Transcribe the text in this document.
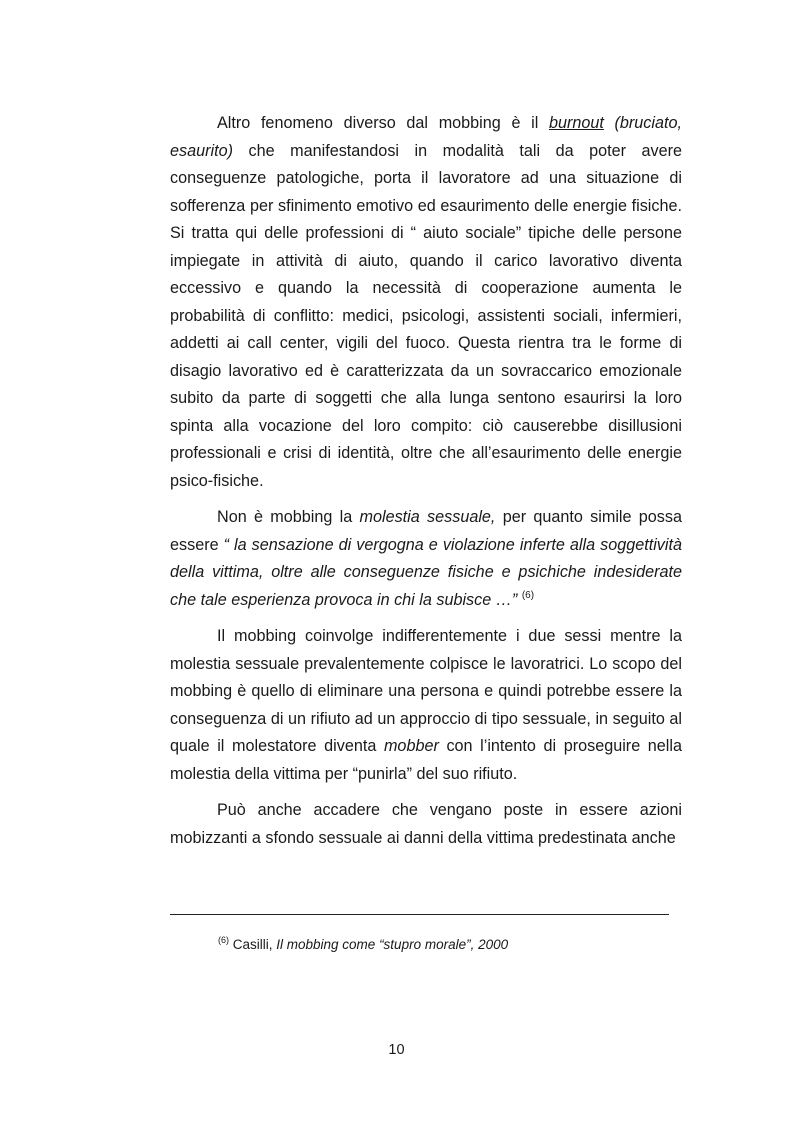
Altro fenomeno diverso dal mobbing è il burnout (bruciato, esaurito) che manifestandosi in modalità tali da poter avere conseguenze patologiche, porta il lavoratore ad una situazione di sofferenza per sfinimento emotivo ed esaurimento delle energie fisiche. Si tratta qui delle professioni di “ aiuto sociale” tipiche delle persone impiegate in attività di aiuto, quando il carico lavorativo diventa eccessivo e quando la necessità di cooperazione aumenta le probabilità di conflitto: medici, psicologi, assistenti sociali, infermieri, addetti ai call center, vigili del fuoco. Questa rientra tra le forme di disagio lavorativo ed è caratterizzata da un sovraccarico emozionale subito da parte di soggetti che alla lunga sentono esaurirsi la loro spinta alla vocazione del loro compito: ciò causerebbe disillusioni professionali e crisi di identità, oltre che all’esaurimento delle energie psico-fisiche.

Non è mobbing la molestia sessuale, per quanto simile possa essere “ la sensazione di vergogna e violazione inferte alla soggettività della vittima, oltre alle conseguenze fisiche e psichiche indesiderate che tale esperienza provoca in chi la subisce …” $^{(6)}$

Il mobbing coinvolge indifferentemente i due sessi mentre la molestia sessuale prevalentemente colpisce le lavoratrici. Lo scopo del mobbing è quello di eliminare una persona e quindi potrebbe essere la conseguenza di un rifiuto ad un approccio di tipo sessuale, in seguito al quale il molestatore diventa mobber con l’intento di proseguire nella molestia della vittima per “punirla” del suo rifiuto.

Può anche accadere che vengano poste in essere azioni mobizzanti a sfondo sessuale ai danni della vittima predestinata anche

$^{(6)}$ Casilli, Il mobbing come “stupro morale”, 2000
10
